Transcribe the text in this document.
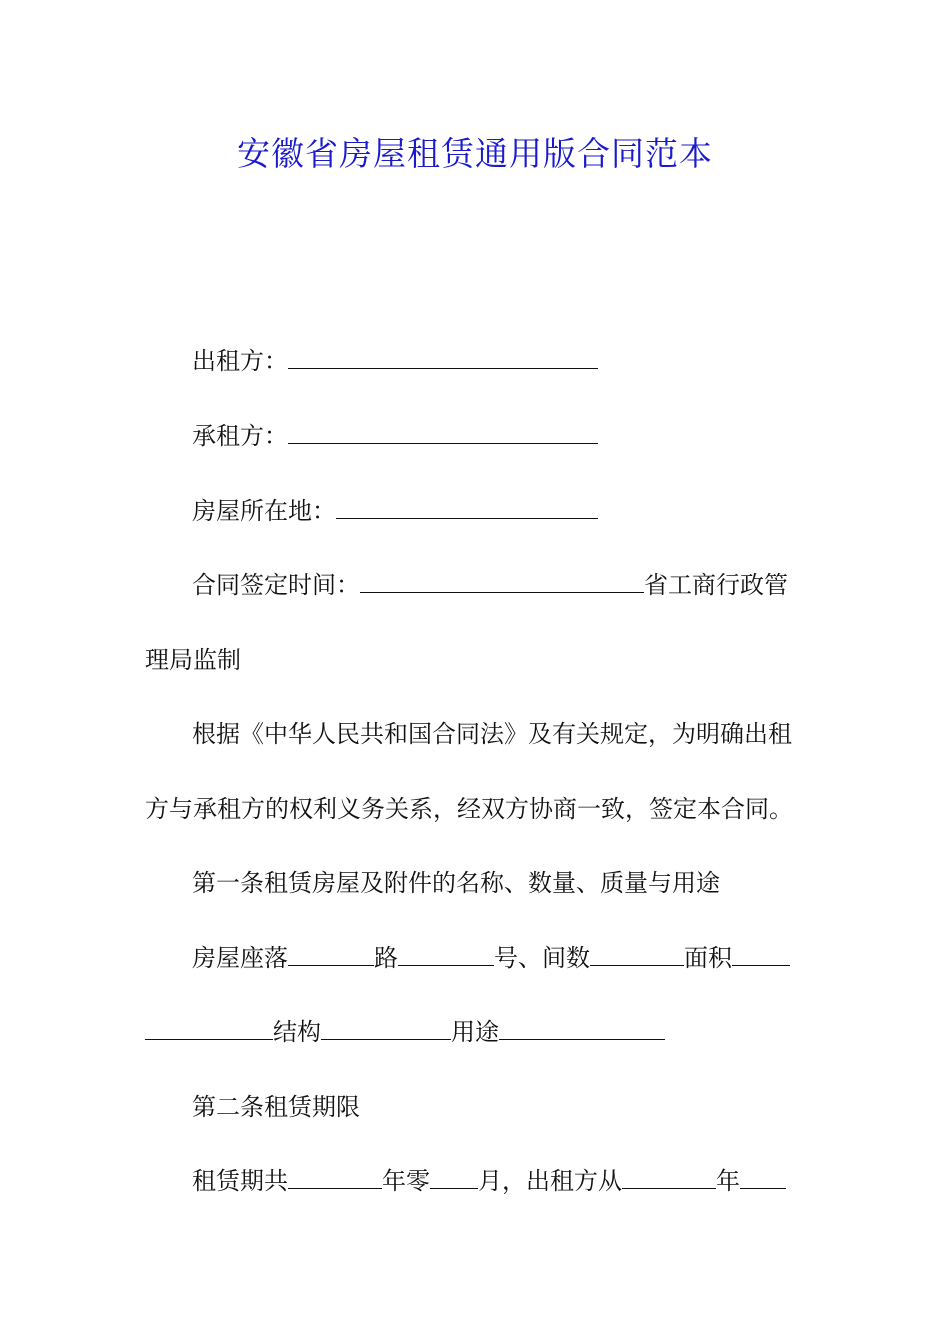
安徽省房屋租赁通用版合同范本
出租方：
承租方：
房屋所在地：
合同签定时间：	省工商行政管
理局监制
根据《中华人民共和国合同法》及有关规定，为明确出租
方与承租方的权利义务关系，经双方协商一致，签定本合同。
第一条租赁房屋及附件的名称、数量、质量与用途
房屋座落	路	号、间数	面积
结构	用途
第二条租赁期限
租赁期共	年零 月，出租方从	年
